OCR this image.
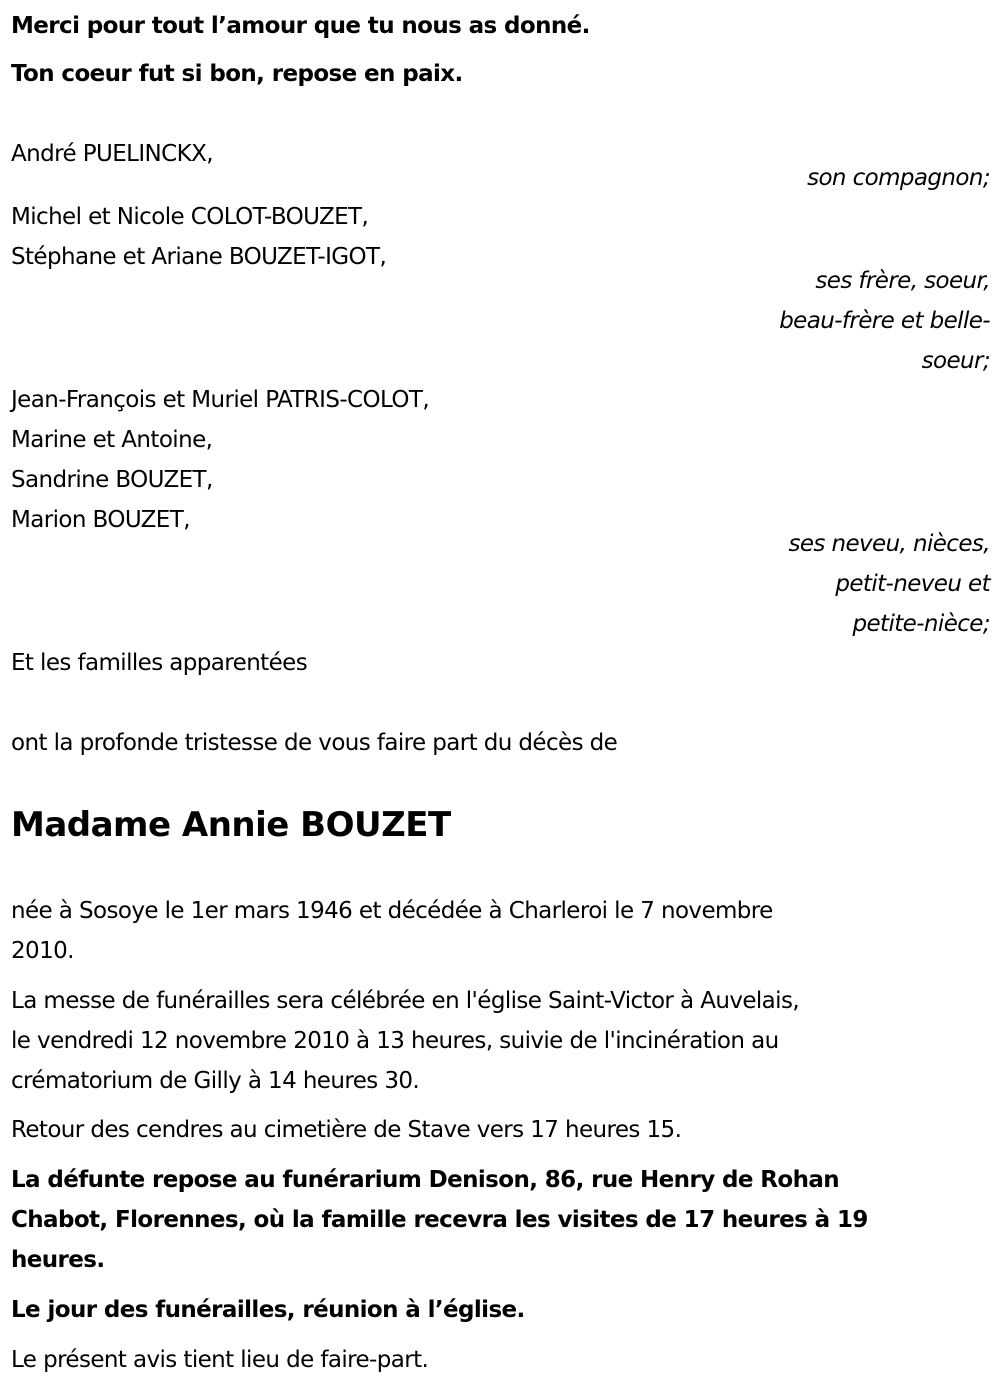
Merci pour tout l’amour que tu nous as donné.
Ton coeur fut si bon, repose en paix.
André PUELINCKX,
son compagnon;
Michel et Nicole COLOT-BOUZET,
Stéphane et Ariane BOUZET-IGOT,
ses frère, soeur,
beau-frère et belle-
soeur;
Jean-François et Muriel PATRIS-COLOT,
Marine et Antoine,
Sandrine BOUZET,
Marion BOUZET,
ses neveu, nièces,
petit-neveu et
petite-nièce;
Et les familles apparentées
ont la profonde tristesse de vous faire part du décès de
Madame Annie BOUZET
née à Sosoye le 1er mars 1946 et décédée à Charleroi le 7 novembre
2010.
La messe de funérailles sera célébrée en l'église Saint-Victor à Auvelais,
le vendredi 12 novembre 2010 à 13 heures, suivie de l'incinération au
crématorium de Gilly à 14 heures 30.
Retour des cendres au cimetière de Stave vers 17 heures 15.
La défunte repose au funérarium Denison, 86, rue Henry de Rohan
Chabot, Florennes, où la famille recevra les visites de 17 heures à 19
heures.
Le jour des funérailles, réunion à l’église.
Le présent avis tient lieu de faire-part.
